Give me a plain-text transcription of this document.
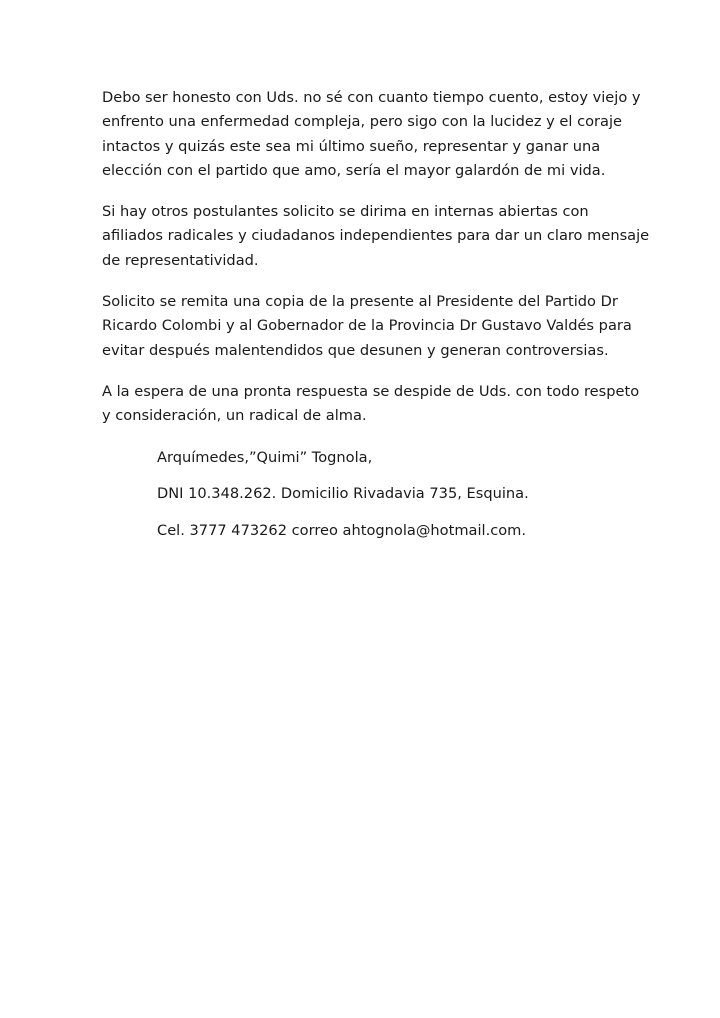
Debo ser honesto con Uds. no sé con cuanto tiempo cuento, estoy viejo y
enfrento una enfermedad compleja, pero sigo con la lucidez y el coraje
intactos y quizás este sea mi último sueño, representar y ganar una
elección con el partido que amo, sería el mayor galardón de mi vida.

Si hay otros postulantes solicito se dirima en internas abiertas con
afiliados radicales y ciudadanos independientes para dar un claro mensaje
de representatividad.

Solicito se remita una copia de la presente al Presidente del Partido Dr
Ricardo Colombi y al Gobernador de la Provincia Dr Gustavo Valdés para
evitar después malentendidos que desunen y generan controversias.

A la espera de una pronta respuesta se despide de Uds. con todo respeto
y consideración, un radical de alma.

Arquímedes,”Quimi” Tognola,

DNI 10.348.262. Domicilio Rivadavia 735, Esquina.

Cel. 3777 473262 correo ahtognola@hotmail.com.
